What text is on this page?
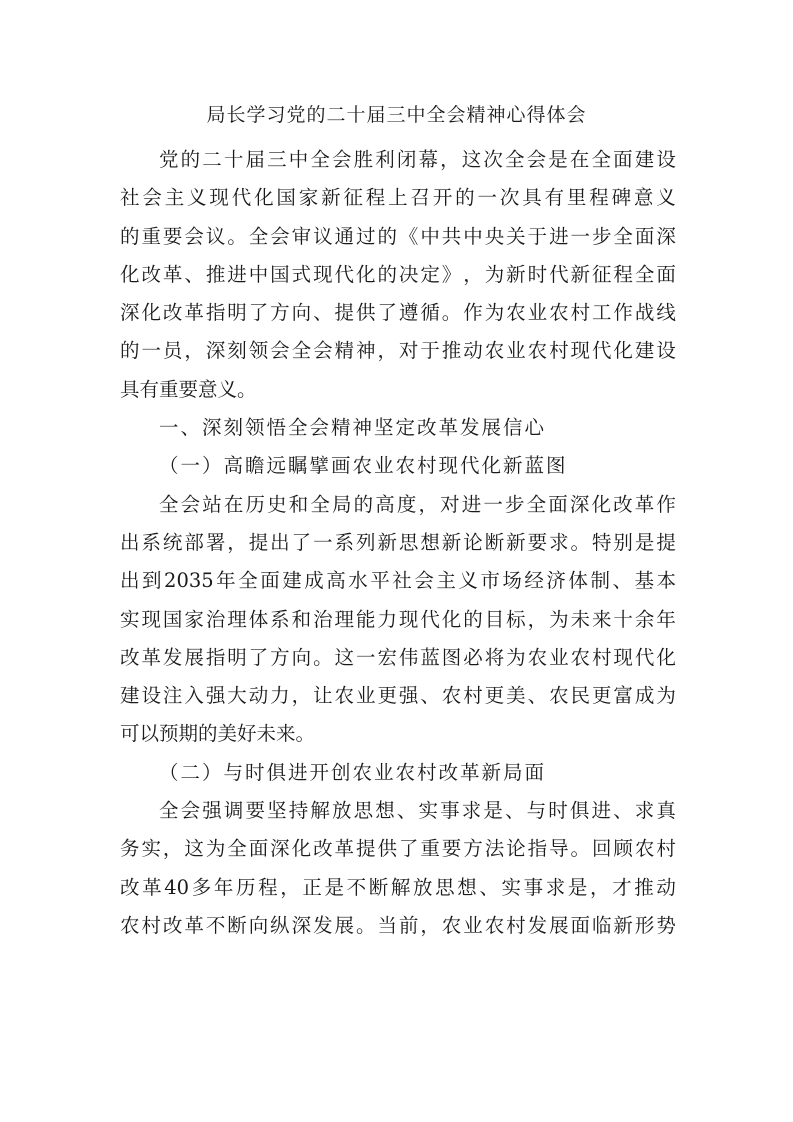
局长学习党的二十届三中全会精神心得体会
党 的 二 十 届 三 中 全 会 胜 利 闭 幕 ， 这 次 全 会 是 在 全 面 建 设
社 会 主 义 现 代 化 国 家 新 征 程 上 召 开 的 一 次 具 有 里 程 碑 意 义
的 重 要 会 议 。 全 会 审 议 通 过 的 《 中 共 中 央 关 于 进 一 步 全 面 深
化 改 革 、 推 进 中 国 式 现 代 化 的 决 定 》 ， 为 新 时 代 新 征 程 全 面
深 化 改 革 指 明 了 方 向 、 提 供 了 遵 循 。 作 为 农 业 农 村 工 作 战 线
的 一 员 ， 深 刻 领 会 全 会 精 神 ， 对 于 推 动 农 业 农 村 现 代 化 建 设
具有重要意义。
一、深刻领悟全会精神坚定改革发展信心
（一）高瞻远瞩擘画农业农村现代化新蓝图
全 会 站 在 历 史 和 全 局 的 高 度 ， 对 进 一 步 全 面 深 化 改 革 作
出 系 统 部 署 ， 提 出 了 一 系 列 新 思 想 新 论 断 新 要 求 。 特 别 是 提
出 到 2035 年 全 面 建 成 高 水 平 社 会 主 义 市 场 经 济 体 制 、 基 本
实 现 国 家 治 理 体 系 和 治 理 能 力 现 代 化 的 目 标 ， 为 未 来 十 余 年
改 革 发 展 指 明 了 方 向 。 这 一 宏 伟 蓝 图 必 将 为 农 业 农 村 现 代 化
建 设 注 入 强 大 动 力 ， 让 农 业 更 强 、 农 村 更 美 、 农 民 更 富 成 为
可以预期的美好未来。
（二）与时俱进开创农业农村改革新局面
全 会 强 调 要 坚 持 解 放 思 想 、 实 事 求 是 、 与 时 俱 进 、 求 真
务 实 ， 这 为 全 面 深 化 改 革 提 供 了 重 要 方 法 论 指 导 。 回 顾 农 村
改 革 40 多 年 历 程 ， 正 是 不 断 解 放 思 想 、 实 事 求 是 ， 才 推 动
农 村 改 革 不 断 向 纵 深 发 展 。 当 前 ， 农 业 农 村 发 展 面 临 新 形 势
